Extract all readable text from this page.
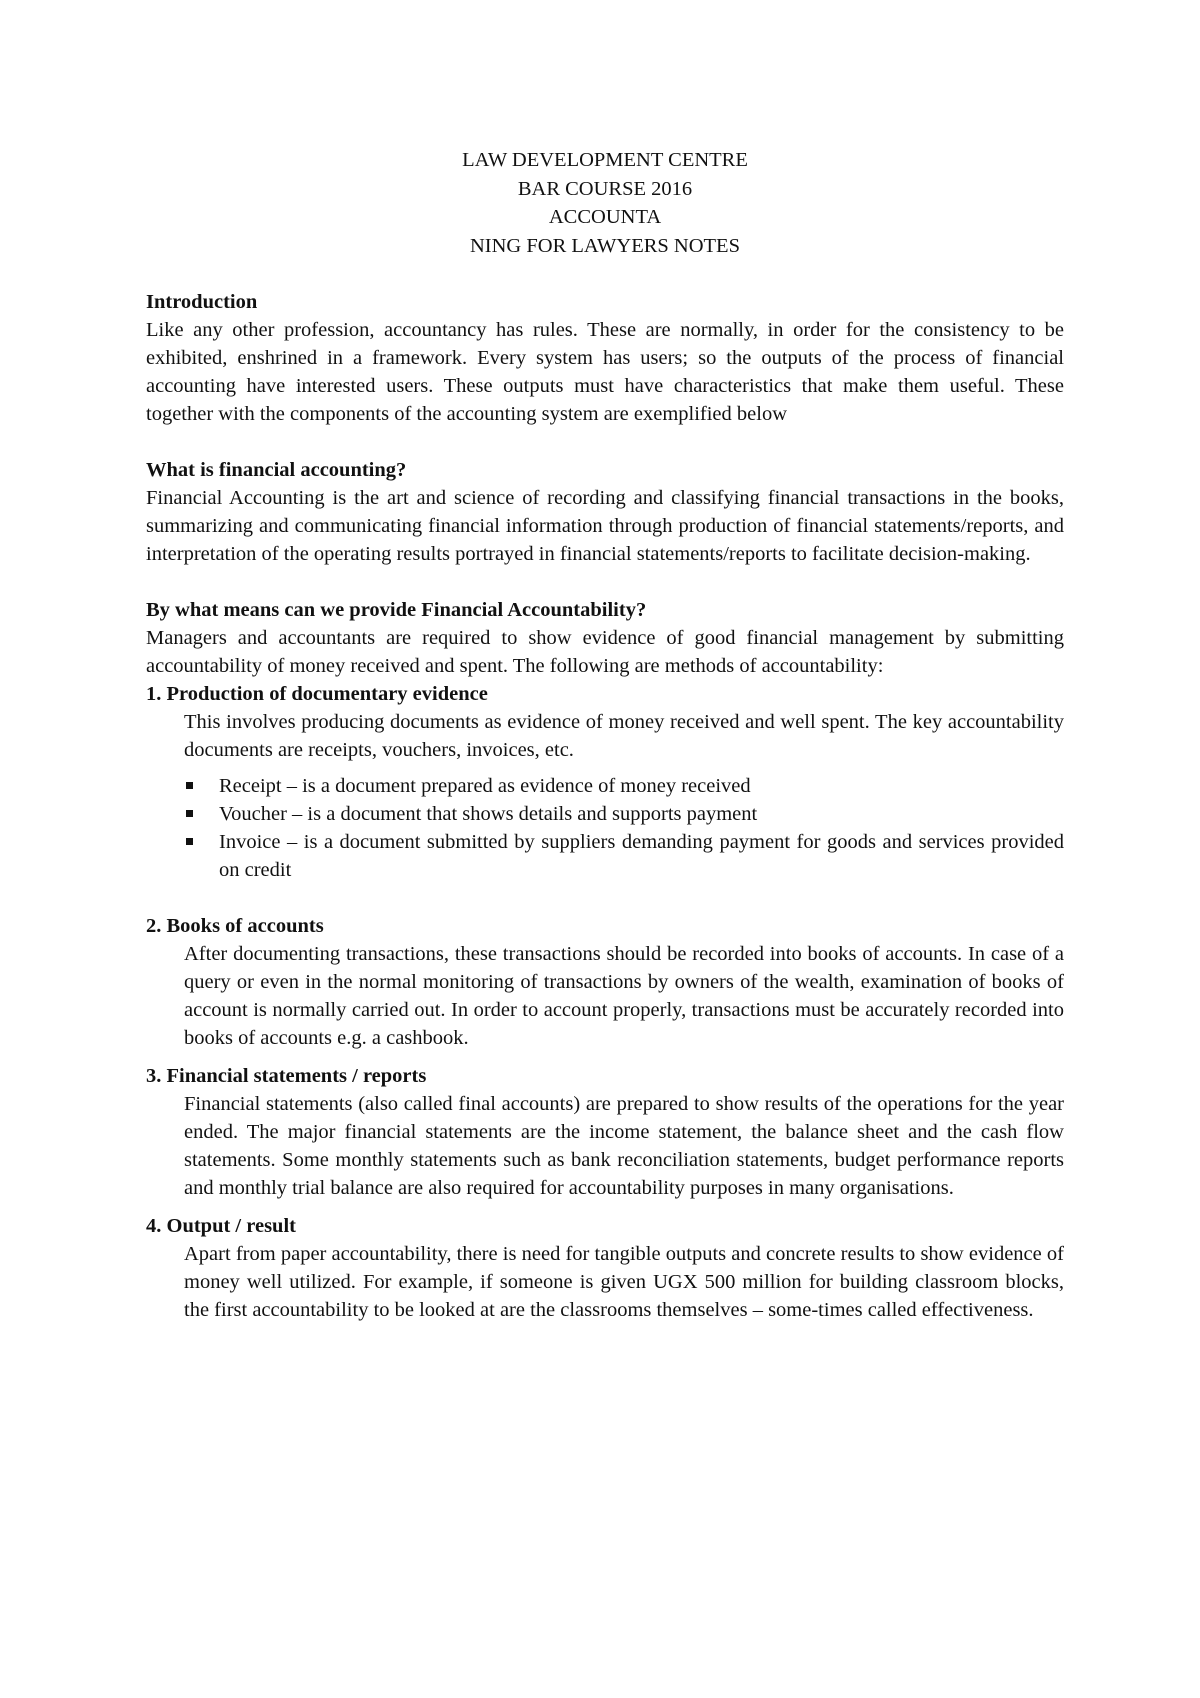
LAW DEVELOPMENT CENTRE
BAR COURSE 2016
ACCOUNTA
NING FOR LAWYERS NOTES
Introduction

Like any other profession, accountancy has rules. These are normally, in order for the consistency to be exhibited, enshrined in a framework. Every system has users; so the outputs of the process of financial accounting have interested users. These outputs must have characteristics that make them useful. These together with the components of the accounting system are exemplified below

What is financial accounting?

Financial Accounting is the art and science of recording and classifying financial transactions in the books, summarizing and communicating financial information through production of financial statements/reports, and interpretation of the operating results portrayed in financial statements/reports to facilitate decision-making.

By what means can we provide Financial Accountability?

Managers and accountants are required to show evidence of good financial management by submitting accountability of money received and spent. The following are methods of accountability:

1. Production of documentary evidence

This involves producing documents as evidence of money received and well spent. The key accountability documents are receipts, vouchers, invoices, etc.

Receipt – is a document prepared as evidence of money received
Voucher – is a document that shows details and supports payment
Invoice – is a document submitted by suppliers demanding payment for goods and services provided on credit
2. Books of accounts

After documenting transactions, these transactions should be recorded into books of accounts. In case of a query or even in the normal monitoring of transactions by owners of the wealth, examination of books of account is normally carried out. In order to account properly, transactions must be accurately recorded into books of accounts e.g. a cashbook.

3. Financial statements / reports

Financial statements (also called final accounts) are prepared to show results of the operations for the year ended. The major financial statements are the income statement, the balance sheet and the cash flow statements. Some monthly statements such as bank reconciliation statements, budget performance reports and monthly trial balance are also required for accountability purposes in many organisations.

4. Output / result

Apart from paper accountability, there is need for tangible outputs and concrete results to show evidence of money well utilized. For example, if someone is given UGX 500 million for building classroom blocks, the first accountability to be looked at are the classrooms themselves – some-times called effectiveness.
